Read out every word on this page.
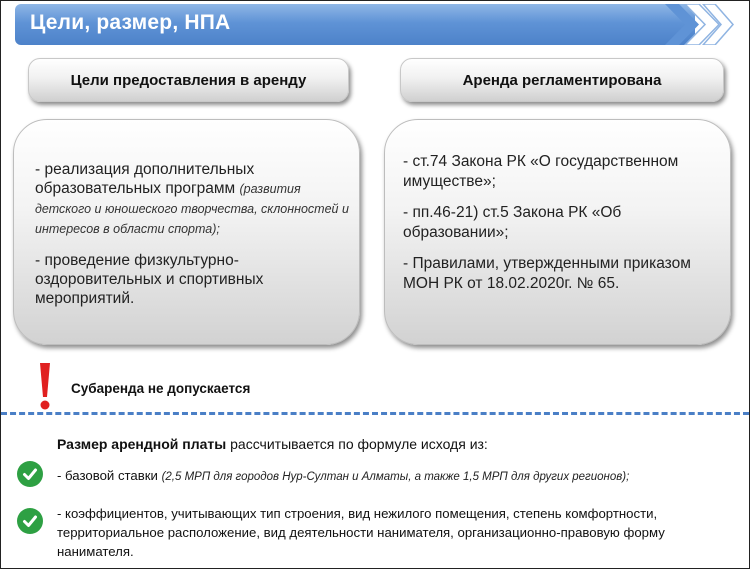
Цели, размер, НПА
Цели предоставления в аренду	Аренда регламентирована

- реализация дополнительных образовательных программ (развития детского и юношеского творчества, склонностей и интересов в области спорта);

- проведение физкультурно-оздоровительных и спортивных мероприятий.

- ст.74 Закона РК «О государственном имуществе»;

- пп.46-21) ст.5 Закона РК «Об образовании»;

- Правилами, утвержденными приказом МОН РК от 18.02.2020г. № 65.

Субаренда не допускается
Размер арендной платы рассчитывается по формуле исходя из:
- базовой ставки (2,5 МРП для городов Нур-Султан и Алматы, а также 1,5 МРП для других регионов);
- коэффициентов, учитывающих тип строения, вид нежилого помещения, степень комфортности, территориальное расположение, вид деятельности нанимателя, организационно-правовую форму нанимателя.
